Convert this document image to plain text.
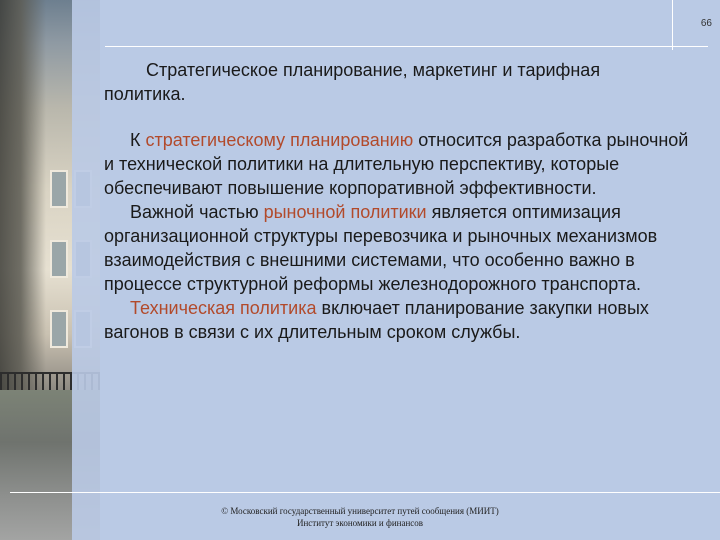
66

Стратегическое планирование, маркетинг и тарифная политика.

К стратегическому планированию относится разработка рыночной и технической политики на длительную перспективу, которые обеспечивают повышение корпоративной эффективности.

Важной частью рыночной политики является оптимизация организационной структуры перевозчика и рыночных механизмов взаимодействия с внешними системами, что особенно важно в процессе структурной реформы железнодорожного транспорта.

Техническая политика включает планирование закупки новых вагонов в связи с их длительным сроком службы.

© Московский государственный университет путей сообщения (МИИТ)
Институт экономики и финансов
